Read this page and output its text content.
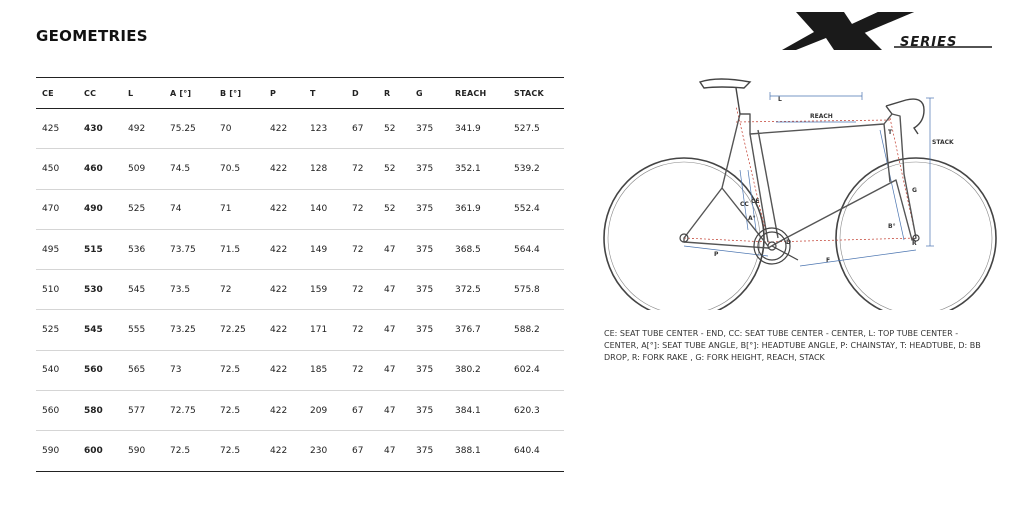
GEOMETRIES	SERIES
CE	CC	L	A [°]	B [°]	P	T	D	R	G	REACH	STACK
425	430	492	75.25	70	422	123	67	52	375	341.9	527.5
450	460	509	74.5	70.5	422	128	72	52	375	352.1	539.2
470	490	525	74	71	422	140	72	52	375	361.9	552.4
495	515	536	73.75	71.5	422	149	72	47	375	368.5	564.4
510	530	545	73.5	72	422	159	72	47	375	372.5	575.8
525	545	555	73.25	72.25	422	171	72	47	375	376.7	588.2
540	560	565	73	72.5	422	185	72	47	375	380.2	602.4
560	580	577	72.75	72.5	422	209	67	47	375	384.1	620.3
590	600	590	72.5	72.5	422	230	67	47	375	388.1	640.4
L
REACH
T
STACK
G
CC CE
A°
B°
R
D
P
F
CE: SEAT TUBE CENTER - END, CC: SEAT TUBE CENTER - CENTER, L: TOP TUBE CENTER - CENTER, A[°]: SEAT TUBE ANGLE, B[°]: HEADTUBE ANGLE, P: CHAINSTAY, T: HEADTUBE, D: BB DROP, R: FORK RAKE , G: FORK HEIGHT, REACH, STACK
